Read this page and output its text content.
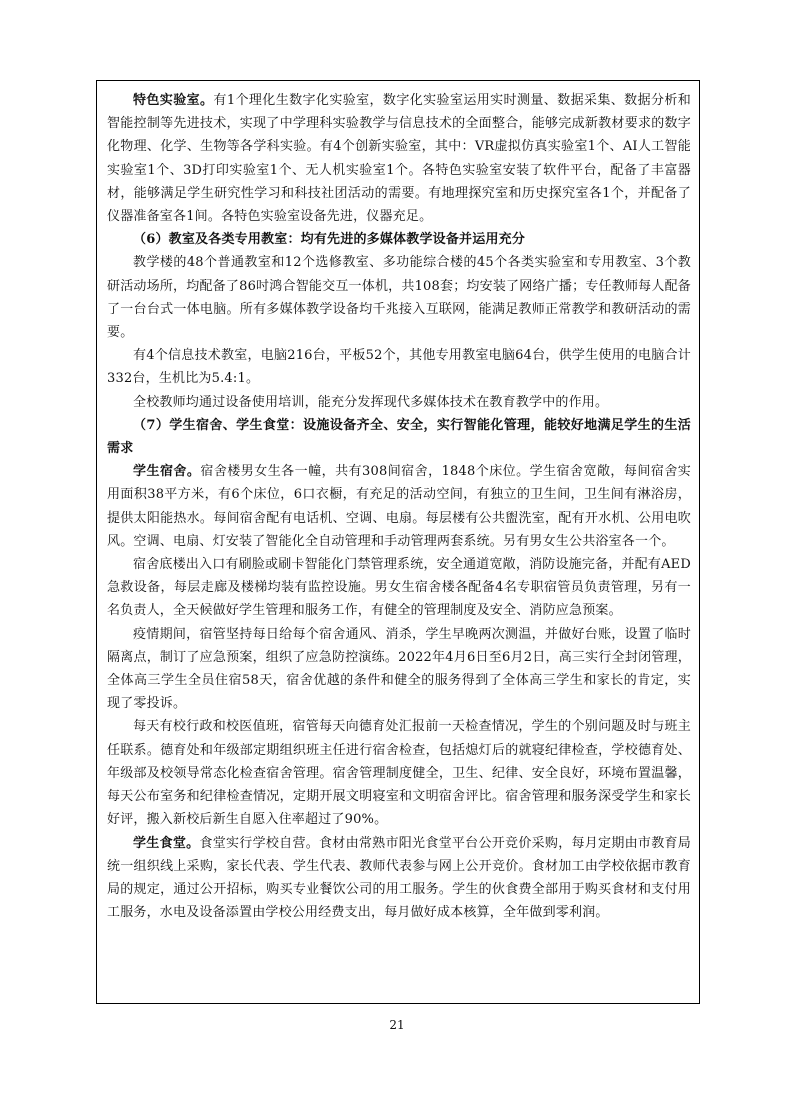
特色实验室。有1个理化生数字化实验室，数字化实验室运用实时测量、数据采集、数据分析和智能控制等先进技术，实现了中学理科实验教学与信息技术的全面整合，能够完成新教材要求的数字化物理、化学、生物等各学科实验。有4个创新实验室，其中：VR虚拟仿真实验室1个、AI人工智能实验室1个、3D打印实验室1个、无人机实验室1个。各特色实验室安装了软件平台，配备了丰富器材，能够满足学生研究性学习和科技社团活动的需要。有地理探究室和历史探究室各1个，并配备了仪器准备室各1间。各特色实验室设备先进，仪器充足。

（6）教室及各类专用教室：均有先进的多媒体教学设备并运用充分

教学楼的48个普通教室和12个选修教室、多功能综合楼的45个各类实验室和专用教室、3个教研活动场所，均配备了86吋鸿合智能交互一体机，共108套；均安装了网络广播；专任教师每人配备了一台台式一体电脑。所有多媒体教学设备均千兆接入互联网，能满足教师正常教学和教研活动的需要。

有4个信息技术教室，电脑216台，平板52个，其他专用教室电脑64台，供学生使用的电脑合计332台，生机比为5.4:1。

全校教师均通过设备使用培训，能充分发挥现代多媒体技术在教育教学中的作用。

（7）学生宿舍、学生食堂：设施设备齐全、安全，实行智能化管理，能较好地满足学生的生活需求

学生宿舍。宿舍楼男女生各一幢，共有308间宿舍，1848个床位。学生宿舍宽敞，每间宿舍实用面积38平方米，有6个床位，6口衣橱，有充足的活动空间，有独立的卫生间，卫生间有淋浴房，提供太阳能热水。每间宿舍配有电话机、空调、电扇。每层楼有公共盥洗室，配有开水机、公用电吹风。空调、电扇、灯安装了智能化全自动管理和手动管理两套系统。另有男女生公共浴室各一个。

宿舍底楼出入口有刷脸或刷卡智能化门禁管理系统，安全通道宽敞，消防设施完备，并配有AED急救设备，每层走廊及楼梯均装有监控设施。男女生宿舍楼各配备4名专职宿管员负责管理，另有一名负责人，全天候做好学生管理和服务工作，有健全的管理制度及安全、消防应急预案。

疫情期间，宿管坚持每日给每个宿舍通风、消杀，学生早晚两次测温，并做好台账，设置了临时隔离点，制订了应急预案，组织了应急防控演练。2022年4月6日至6月2日，高三实行全封闭管理，全体高三学生全员住宿58天，宿舍优越的条件和健全的服务得到了全体高三学生和家长的肯定，实现了零投诉。

每天有校行政和校医值班，宿管每天向德育处汇报前一天检查情况，学生的个别问题及时与班主任联系。德育处和年级部定期组织班主任进行宿舍检查，包括熄灯后的就寝纪律检查，学校德育处、年级部及校领导常态化检查宿舍管理。宿舍管理制度健全，卫生、纪律、安全良好，环境布置温馨，每天公布室务和纪律检查情况，定期开展文明寝室和文明宿舍评比。宿舍管理和服务深受学生和家长好评，搬入新校后新生自愿入住率超过了90%。

学生食堂。食堂实行学校自营。食材由常熟市阳光食堂平台公开竞价采购，每月定期由市教育局统一组织线上采购，家长代表、学生代表、教师代表参与网上公开竞价。食材加工由学校依据市教育局的规定，通过公开招标，购买专业餐饮公司的用工服务。学生的伙食费全部用于购买食材和支付用工服务，水电及设备添置由学校公用经费支出，每月做好成本核算，全年做到零利润。

21
